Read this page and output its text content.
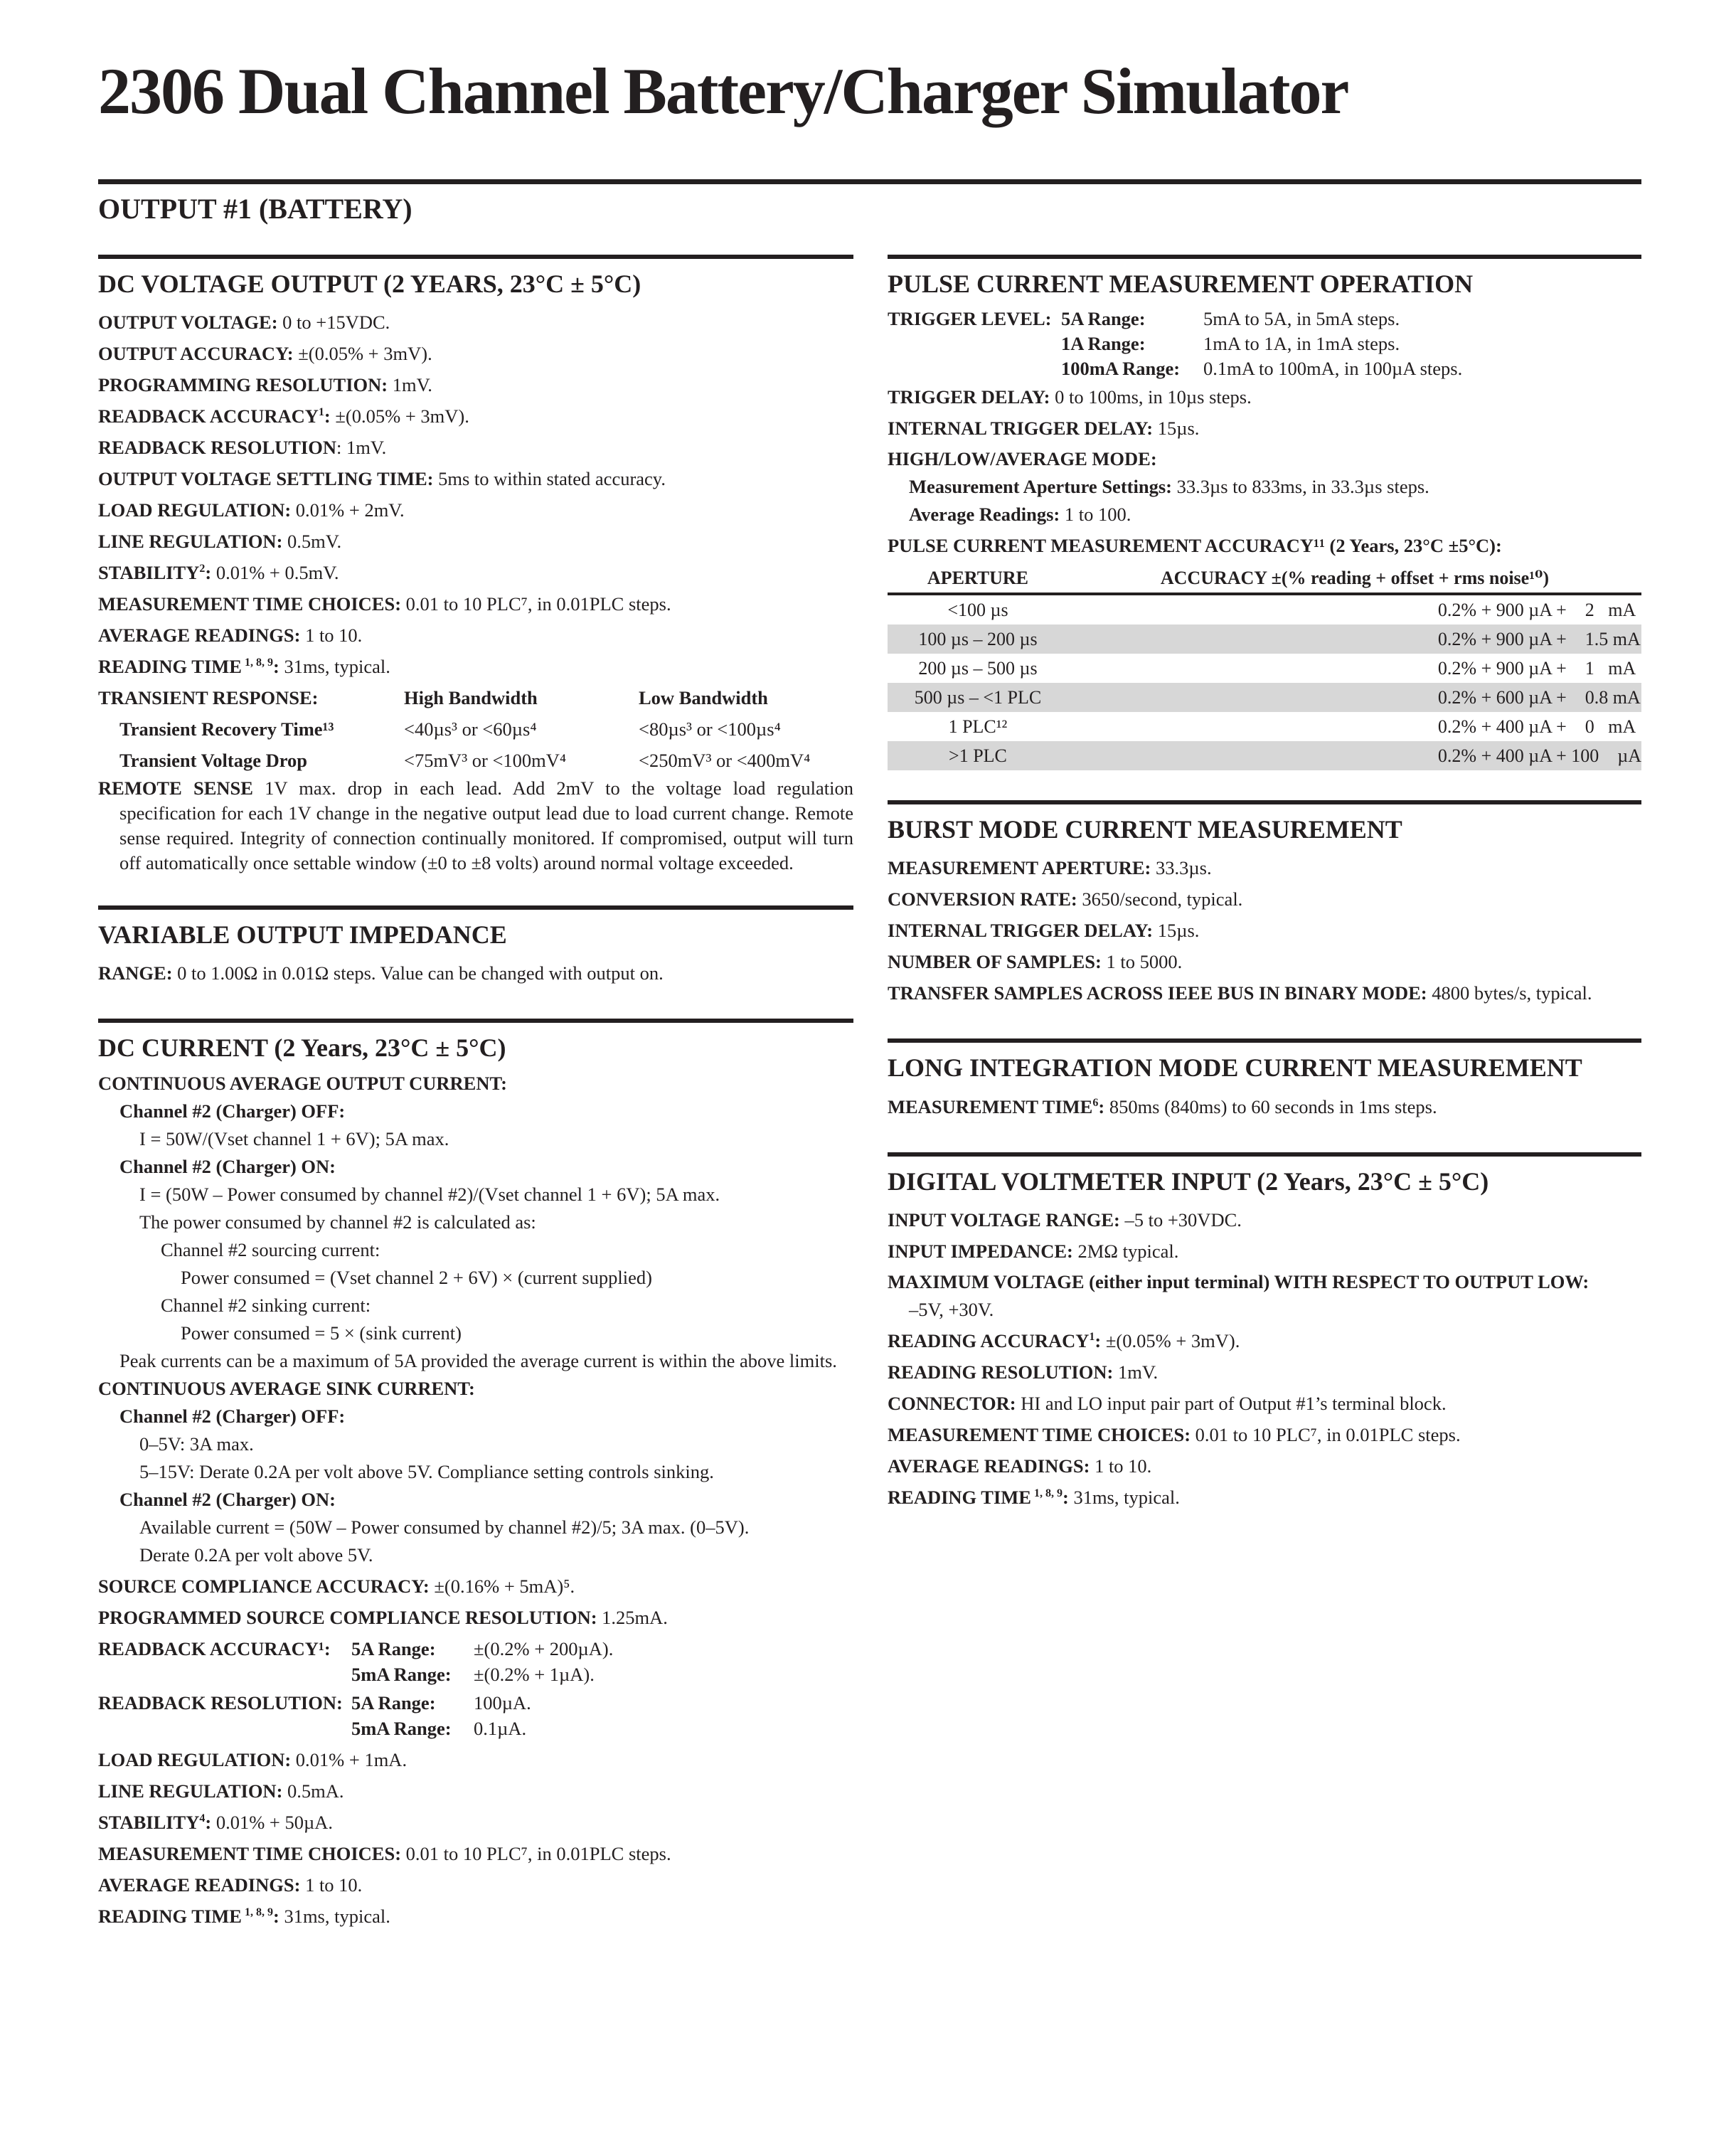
2306 Dual Channel Battery/Charger Simulator
OUTPUT #1 (BATTERY)
DC VOLTAGE OUTPUT (2 YEARS, 23°C ± 5°C)
OUTPUT VOLTAGE: 0 to +15VDC.
OUTPUT ACCURACY: ±(0.05% + 3mV).
PROGRAMMING RESOLUTION: 1mV.
READBACK $ACCURACY^1$: ±(0.05% + 3mV).
READBACK RESOLUTION: 1mV.
OUTPUT VOLTAGE SETTLING TIME: 5ms to within stated accuracy.
LOAD REGULATION: 0.01% + 2mV.
LINE REGULATION: 0.5mV.
STABILITY$^2$: 0.01% + 0.5mV.
MEASUREMENT TIME CHOICES: 0.01 to 10 PLC⁷, in 0.01PLC steps.
AVERAGE READINGS: 1 to 10.
READING TIME $^{1, 8, 9}$: 31ms, typical.
TRANSIENT RESPONSE:	High Bandwidth	Low Bandwidth
Transient Recovery Time¹³	<40µs³ or <60µs⁴	<80µs³ or <100µs⁴
Transient Voltage Drop	<75mV³ or <100mV⁴	<250mV³ or <400mV⁴
REMOTE SENSE 1V max. drop in each lead. Add 2mV to the voltage load regulation specification for each 1V change in the negative output lead due to load current change. Remote sense required. Integrity of connection continually monitored. If compromised, output will turn off automatically once settable window (±0 to ±8 volts) around normal voltage exceeded.
VARIABLE OUTPUT IMPEDANCE
RANGE: 0 to 1.00Ω in 0.01Ω steps. Value can be changed with output on.
DC CURRENT (2 Years, 23°C ± 5°C)
CONTINUOUS AVERAGE OUTPUT CURRENT:
Channel #2 (Charger) OFF:
I = 50W/(Vset channel 1 + 6V); 5A max.
Channel #2 (Charger) ON:
I = (50W – Power consumed by channel #2)/(Vset channel 1 + 6V); 5A max.
The power consumed by channel #2 is calculated as:
Channel #2 sourcing current:
Power consumed = (Vset channel 2 + 6V) × (current supplied)
Channel #2 sinking current:
Power consumed = 5 × (sink current)
Peak currents can be a maximum of 5A provided the average current is within the above limits.
CONTINUOUS AVERAGE SINK CURRENT:
Channel #2 (Charger) OFF:
0–5V: 3A max.
5–15V: Derate 0.2A per volt above 5V. Compliance setting controls sinking.
Channel #2 (Charger) ON:
Available current = (50W – Power consumed by channel #2)/5; 3A max. (0–5V).
Derate 0.2A per volt above 5V.
SOURCE COMPLIANCE ACCURACY: ±(0.16% + 5mA)⁵.
PROGRAMMED SOURCE COMPLIANCE RESOLUTION: 1.25mA.
READBACK ACCURACY¹:	5A Range:	±(0.2% + 200µA).
5mA Range:	±(0.2% + 1µA).
READBACK RESOLUTION: 5A Range:	100µA.
5mA Range:	0.1µA.
LOAD REGULATION: 0.01% + 1mA.
LINE REGULATION: 0.5mA.
STABILITY$^4$: 0.01% + 50µA.
MEASUREMENT TIME CHOICES: 0.01 to 10 PLC⁷, in 0.01PLC steps.
AVERAGE READINGS: 1 to 10.
READING TIME $^{1, 8, 9}$: 31ms, typical.
PULSE CURRENT MEASUREMENT OPERATION
TRIGGER LEVEL: 5A Range:	5mA to 5A, in 5mA steps.
1A Range:	1mA to 1A, in 1mA steps.
100mA Range:	0.1mA to 100mA, in 100µA steps.
TRIGGER DELAY: 0 to 100ms, in 10µs steps.
INTERNAL TRIGGER DELAY: 15µs.
HIGH/LOW/AVERAGE MODE:
Measurement Aperture Settings: 33.3µs to 833ms, in 33.3µs steps.
Average Readings: 1 to 100.
PULSE CURRENT MEASUREMENT ACCURACY¹¹ (2 Years, 23°C ±5°C):
APERTURE	ACCURACY ±(% reading + offset + rms noise¹⁰)
<100 µs	0.2% + 900 µA +    2   mA
100 µs – 200 µs	0.2% + 900 µA +    1.5 mA
200 µs – 500 µs	0.2% + 900 µA +    1   mA
500 µs – <1 PLC	0.2% + 600 µA +    0.8 mA
1 PLC¹²	0.2% + 400 µA +    0   mA
>1 PLC	0.2% + 400 µA + 100    µA
BURST MODE CURRENT MEASUREMENT
MEASUREMENT APERTURE: 33.3µs.
CONVERSION RATE: 3650/second, typical.
INTERNAL TRIGGER DELAY: 15µs.
NUMBER OF SAMPLES: 1 to 5000.
TRANSFER SAMPLES ACROSS IEEE BUS IN BINARY MODE: 4800 bytes/s, typical.
LONG INTEGRATION MODE CURRENT MEASUREMENT
MEASUREMENT TIME$^6$: 850ms (840ms) to 60 seconds in 1ms steps.
DIGITAL VOLTMETER INPUT (2 Years, 23°C ± 5°C)
INPUT VOLTAGE RANGE: –5 to +30VDC.
INPUT IMPEDANCE: 2MΩ typical.
MAXIMUM VOLTAGE (either input terminal) WITH RESPECT TO OUTPUT LOW:
–5V, +30V.
READING $ACCURACY^1$: ±(0.05% + 3mV).
READING RESOLUTION: 1mV.
CONNECTOR: HI and LO input pair part of Output #1’s terminal block.
MEASUREMENT TIME CHOICES: 0.01 to 10 PLC⁷, in 0.01PLC steps.
AVERAGE READINGS: 1 to 10.
READING TIME $^{1, 8, 9}$: 31ms, typical.
